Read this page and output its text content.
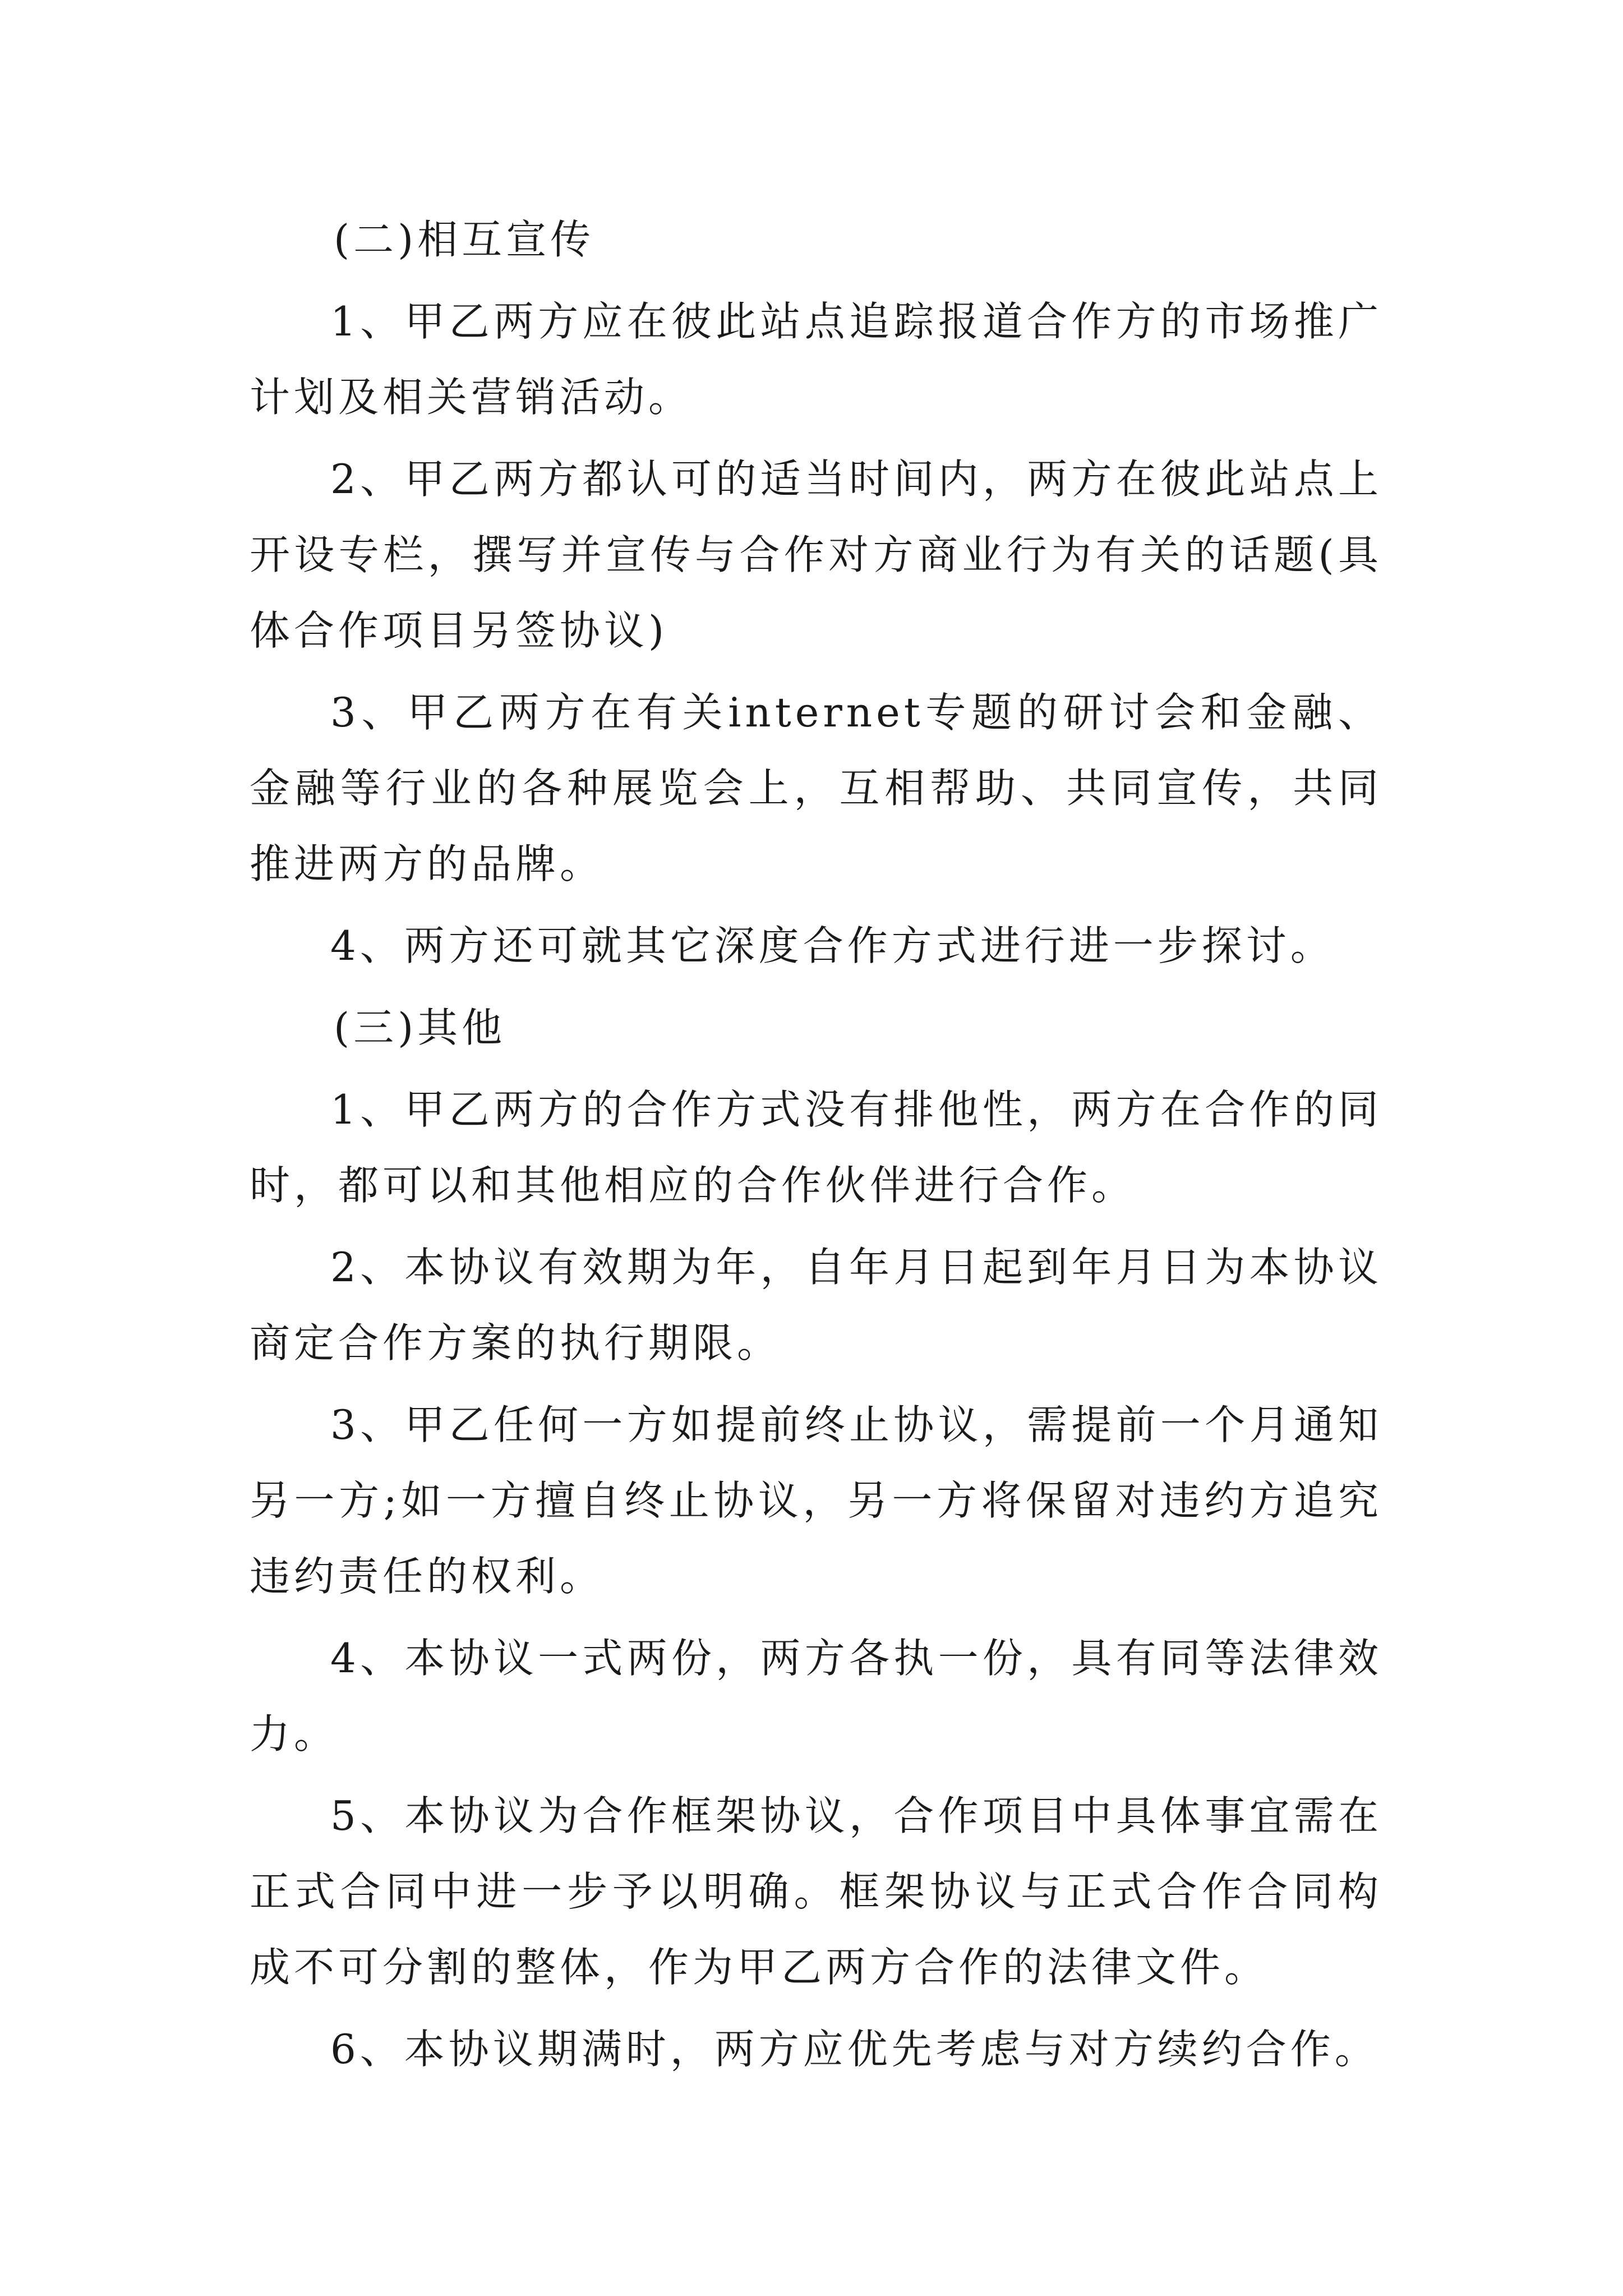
(二)相互宣传

1、甲乙两方应在彼此站点追踪报道合作方的市场推广计划及相关营销活动。

2、甲乙两方都认可的适当时间内，两方在彼此站点上开设专栏，撰写并宣传与合作对方商业行为有关的话题(具体合作项目另签协议)

3、甲乙两方在有关internet专题的研讨会和金融、金融等行业的各种展览会上，互相帮助、共同宣传，共同推进两方的品牌。

4、两方还可就其它深度合作方式进行进一步探讨。

(三)其他

1、甲乙两方的合作方式没有排他性，两方在合作的同时，都可以和其他相应的合作伙伴进行合作。

2、本协议有效期为年，自年月日起到年月日为本协议商定合作方案的执行期限。

3、甲乙任何一方如提前终止协议，需提前一个月通知另一方;如一方擅自终止协议，另一方将保留对违约方追究违约责任的权利。

4、本协议一式两份，两方各执一份，具有同等法律效力。

5、本协议为合作框架协议，合作项目中具体事宜需在正式合同中进一步予以明确。框架协议与正式合作合同构成不可分割的整体，作为甲乙两方合作的法律文件。

6、本协议期满时，两方应优先考虑与对方续约合作。
